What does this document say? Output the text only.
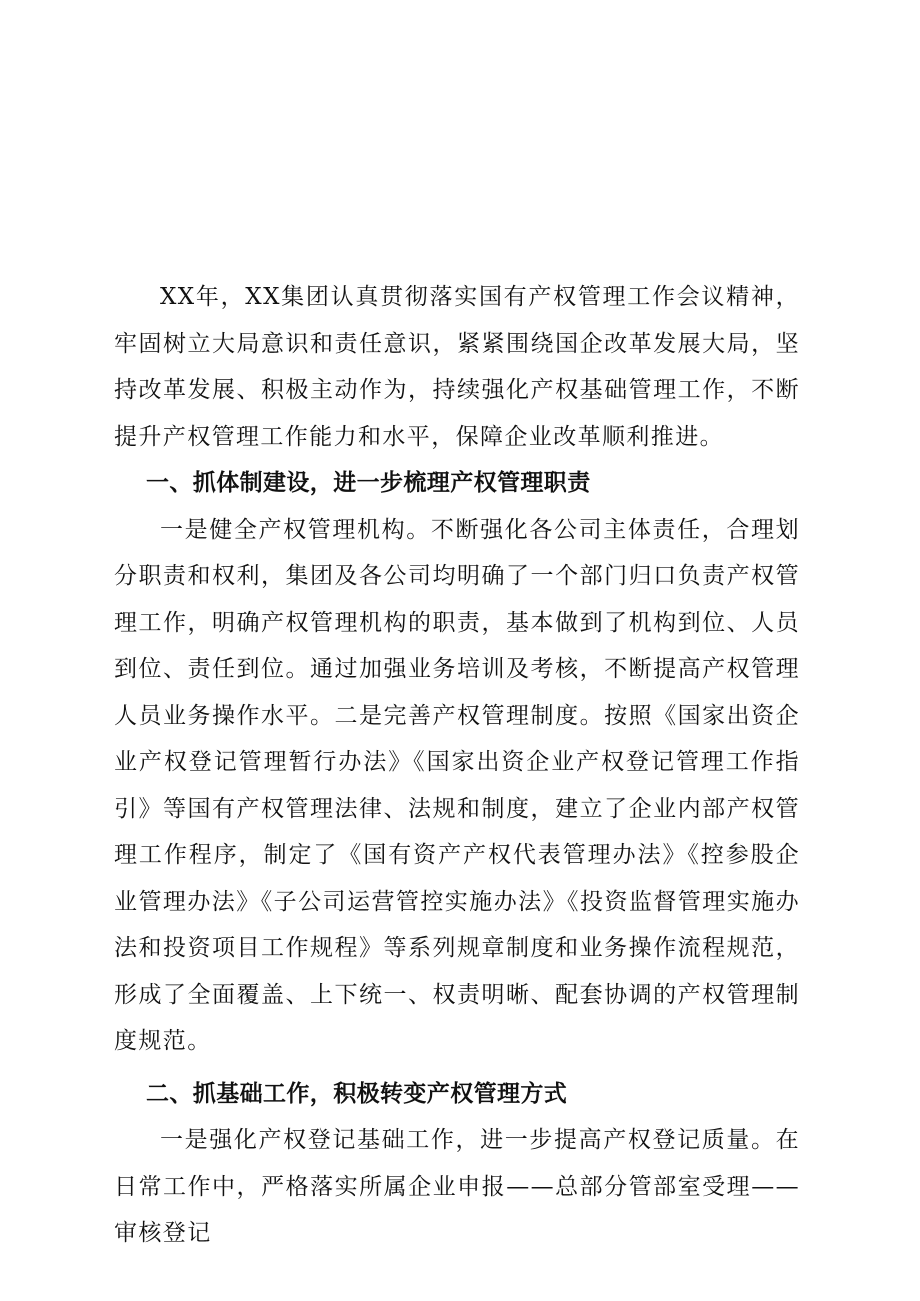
XX年，XX集团认真贯彻落实国有产权管理工作会议精神，牢固树立大局意识和责任意识，紧紧围绕国企改革发展大局，坚持改革发展、积极主动作为，持续强化产权基础管理工作，不断提升产权管理工作能力和水平，保障企业改革顺利推进。

一、抓体制建设，进一步梳理产权管理职责

一是健全产权管理机构。不断强化各公司主体责任，合理划分职责和权利，集团及各公司均明确了一个部门归口负责产权管理工作，明确产权管理机构的职责，基本做到了机构到位、人员到位、责任到位。通过加强业务培训及考核，不断提高产权管理人员业务操作水平。二是完善产权管理制度。按照《国家出资企业产权登记管理暂行办法》《国家出资企业产权登记管理工作指引》等国有产权管理法律、法规和制度，建立了企业内部产权管理工作程序，制定了《国有资产产权代表管理办法》《控参股企业管理办法》《子公司运营管控实施办法》《投资监督管理实施办法和投资项目工作规程》等系列规章制度和业务操作流程规范，形成了全面覆盖、上下统一、权责明晰、配套协调的产权管理制度规范。

二、抓基础工作，积极转变产权管理方式

一是强化产权登记基础工作，进一步提高产权登记质量。在日常工作中，严格落实所属企业申报——总部分管部室受理——审核登记
